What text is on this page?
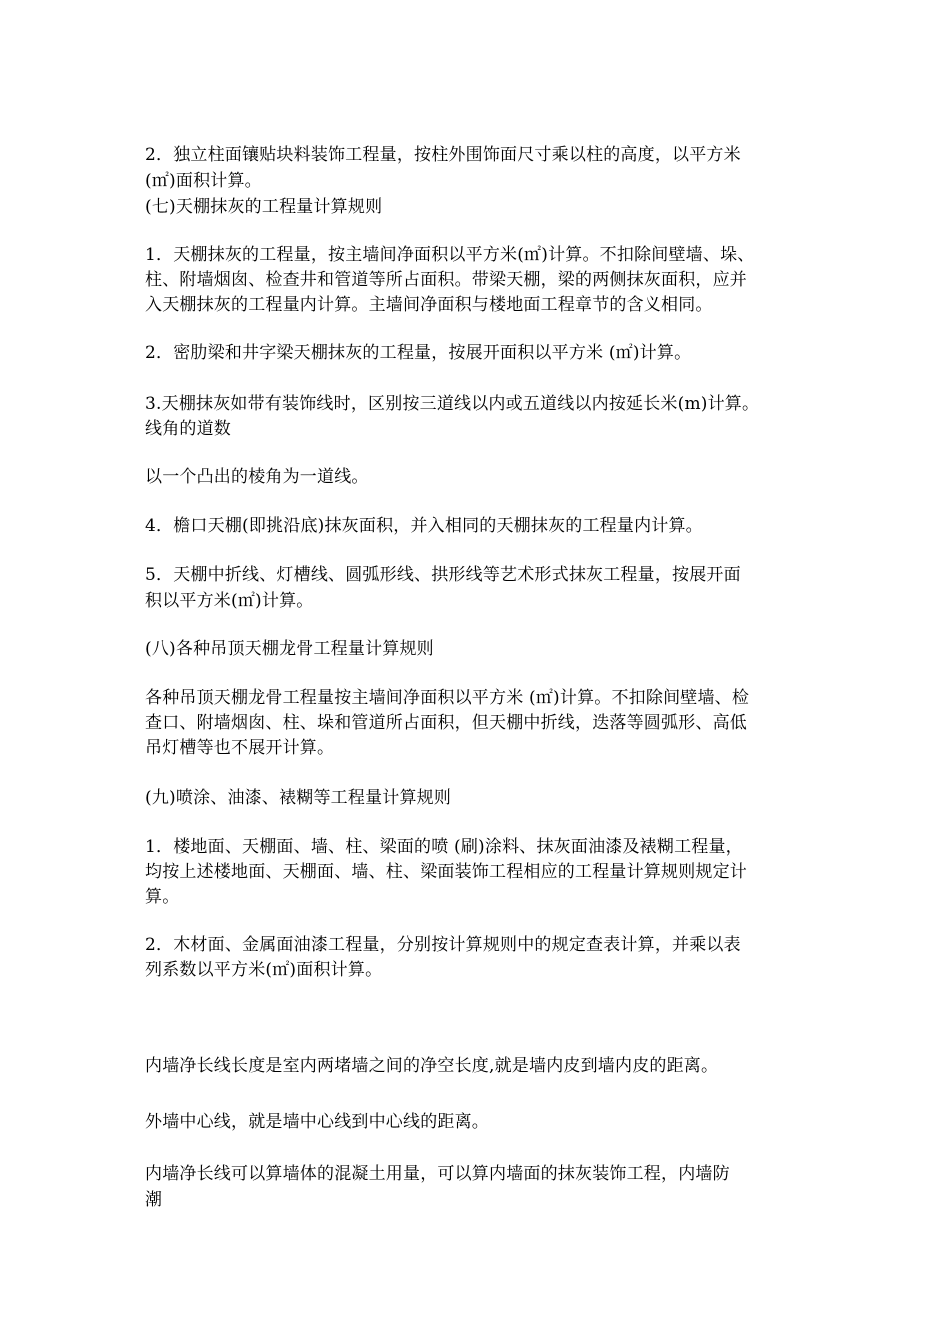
2．独立柱面镶贴块料装饰工程量，按柱外围饰面尺寸乘以柱的高度，以平方米
(㎡)面积计算。
(七)天棚抹灰的工程量计算规则
1．天棚抹灰的工程量，按主墙间净面积以平方米(㎡)计算。不扣除间壁墙、垛、
柱、附墙烟囱、检查井和管道等所占面积。带梁天棚，梁的两侧抹灰面积，应并
入天棚抹灰的工程量内计算。主墙间净面积与楼地面工程章节的含义相同。
2．密肋梁和井字梁天棚抹灰的工程量，按展开面积以平方米 (㎡)计算。
3.天棚抹灰如带有装饰线时，区别按三道线以内或五道线以内按延长米(m)计算。
线角的道数
以一个凸出的棱角为一道线。
4．檐口天棚(即挑沿底)抹灰面积，并入相同的天棚抹灰的工程量内计算。
5．天棚中折线、灯槽线、圆弧形线、拱形线等艺术形式抹灰工程量，按展开面
积以平方米(㎡)计算。
(八)各种吊顶天棚龙骨工程量计算规则
各种吊顶天棚龙骨工程量按主墙间净面积以平方米 (㎡)计算。不扣除间壁墙、检
查口、附墙烟囱、柱、垛和管道所占面积，但天棚中折线，迭落等圆弧形、高低
吊灯槽等也不展开计算。
(九)喷涂、油漆、裱糊等工程量计算规则
1．楼地面、天棚面、墙、柱、梁面的喷 (刷)涂料、抹灰面油漆及裱糊工程量，
均按上述楼地面、天棚面、墙、柱、梁面装饰工程相应的工程量计算规则规定计
算。
2．木材面、金属面油漆工程量，分别按计算规则中的规定查表计算，并乘以表
列系数以平方米(㎡)面积计算。
内墙净长线长度是室内两堵墙之间的净空长度,就是墙内皮到墙内皮的距离。
外墙中心线，就是墙中心线到中心线的距离。
内墙净长线可以算墙体的混凝土用量，可以算内墙面的抹灰装饰工程，内墙防
潮
